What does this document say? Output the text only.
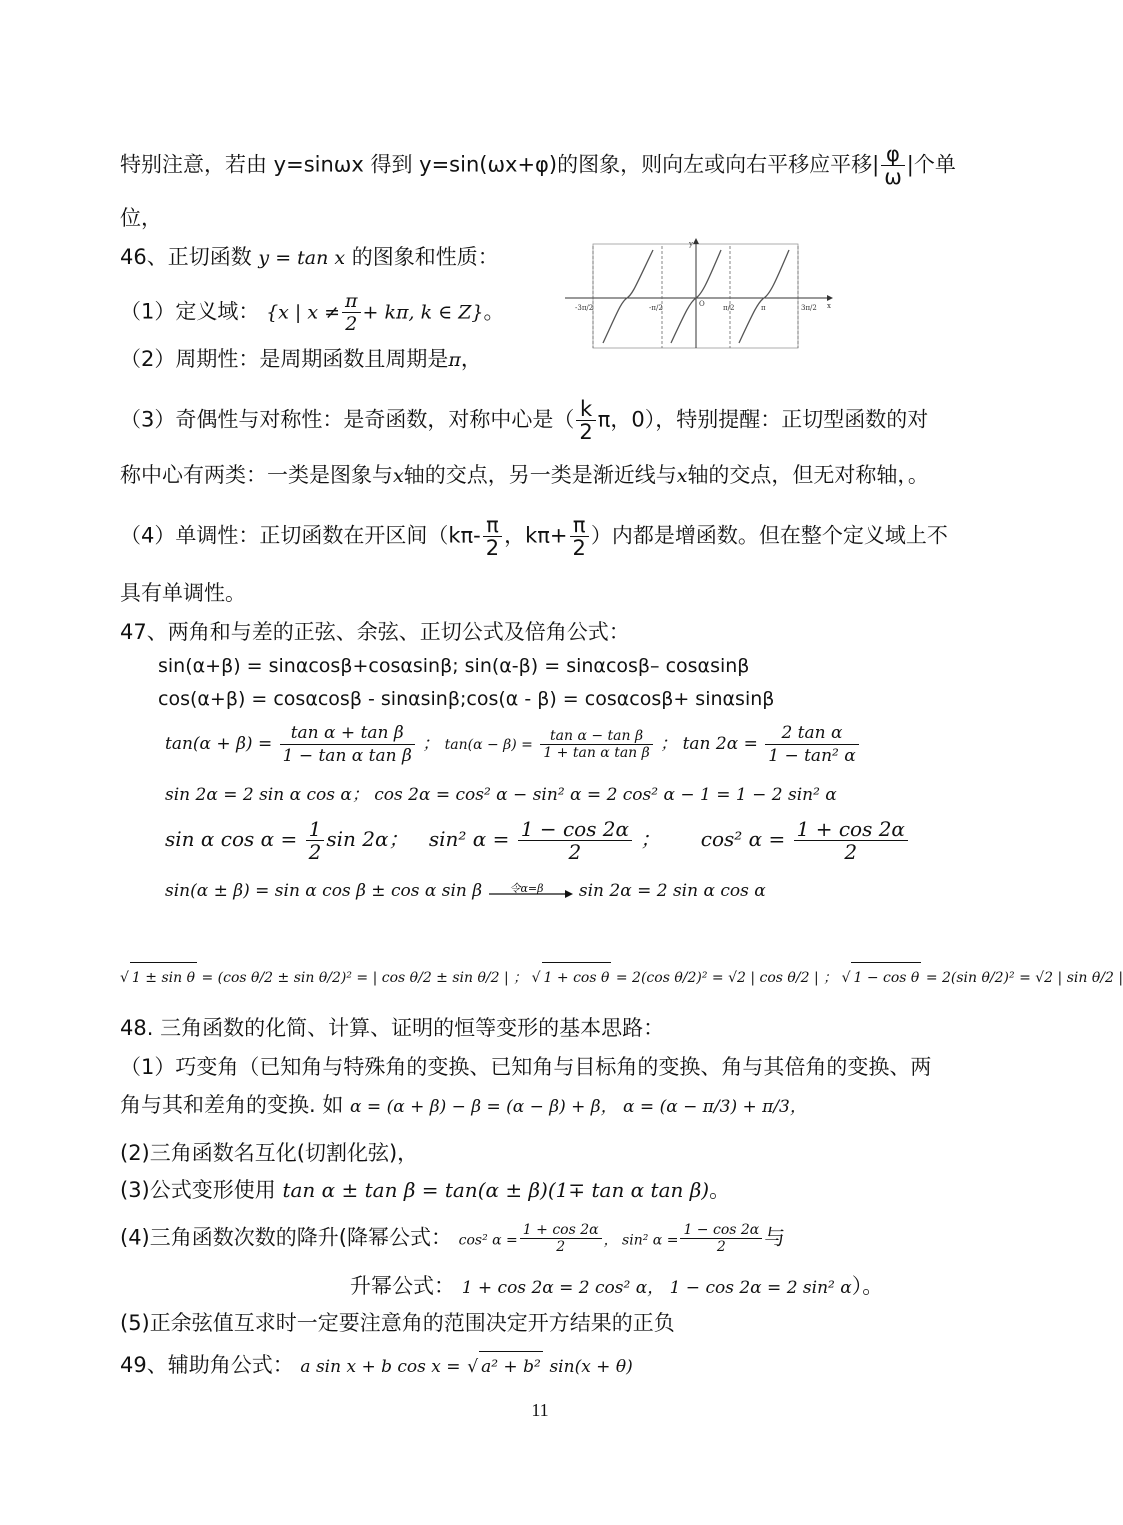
特别注意，若由 y=sinωx 得到 y=sin(ωx+φ)的图象，则向左或向右平移应平移| $\frac{\varphi}{\omega}$ |个单
位，
46、正切函数 y = tan x 的图象和性质：
（1）定义域： {x | $x \ne \frac{\pi}{2} + k\pi$, k ∈ Z}。
（2）周期性：是周期函数且周期是π，
-3π/2	-π/2	O	π/2	π	3π/2 x
y
（3）奇偶性与对称性：是奇函数，对称中心是（ $\frac{k}{2}$ π，0），特别提醒：正切型函数的对
称中心有两类：一类是图象与x轴的交点，另一类是渐近线与x轴的交点，但无对称轴，。
（4）单调性：正切函数在开区间（$k\pi- \frac{\pi}{2}$ ，$k\pi+ \frac{\pi}{2}$ ）内都是增函数。但在整个定义域上不
具有单调性。
47、两角和与差的正弦、余弦、正切公式及倍角公式：
sin(α+β) = sinαcosβ+cosαsinβ; sin(α-β) = sinαcosβ– cosαsinβ
cos(α+β) = cosαcosβ - sinαsinβ;cos(α - β) = cosαcosβ+ sinαsinβ
$\tan(\alpha + \beta) = \frac{\text{tan α + tan β}}{\text{1 − tan α tan β}}$ ； $\tan(\alpha - \beta) = \frac{\text{tan α − tan β}}{\text{1 + tan α tan β}}$ ； $\tan 2\alpha = \frac{\text{2 tan α}}{\text{1 − tan² α}}$
sin 2α = 2 sin α cos α； cos 2α = cos² α − sin² α = 2 cos² α − 1 = 1 − 2 sin² α
sin α $\cos \alpha = \frac{1}{2}$ sin 2α； sin² $\alpha = \frac{1 - \cos 2\alpha}{2}$ ； cos² $\alpha = \frac{1 + \cos 2\alpha}{2}$
sin(α ± β) = sin α cos β ± cos α sin β 令α=β sin 2α = 2 sin α cos α
√ 1 ± sin θ = (cos θ/2 ± sin θ/2)² = | cos θ/2 ± sin θ/2 | ； √ 1 + cos θ = 2(cos θ/2)² = √2 | cos θ/2 | ； √ 1 − cos θ = 2(sin θ/2)² = √2 | sin θ/2 |
48. 三角函数的化简、计算、证明的恒等变形的基本思路：
（1）巧变角（已知角与特殊角的变换、已知角与目标角的变换、角与其倍角的变换、两
角与其和差角的变换. 如 α = (α + β) − β = (α − β) + β， α = (α − π/3) + π/3，
(2)三角函数名互化(切割化弦)，
(3)公式变形使用 tan α ± tan β = tan(α ± β)(1∓ tan α tan β)。
(4)三角函数次数的降升(降幂公式： cos² $\alpha = \frac{1 + \cos 2\alpha}{2}$ ， sin² $\alpha = \frac{1 - \cos 2\alpha}{2}$ 与
升幂公式： 1 + cos 2α = 2 cos² α， 1 − cos 2α = 2 sin² α）。
(5)正余弦值互求时一定要注意角的范围决定开方结果的正负
49、辅助角公式： a sin x + b cos x = √ a² + b² sin(x + θ)
11
